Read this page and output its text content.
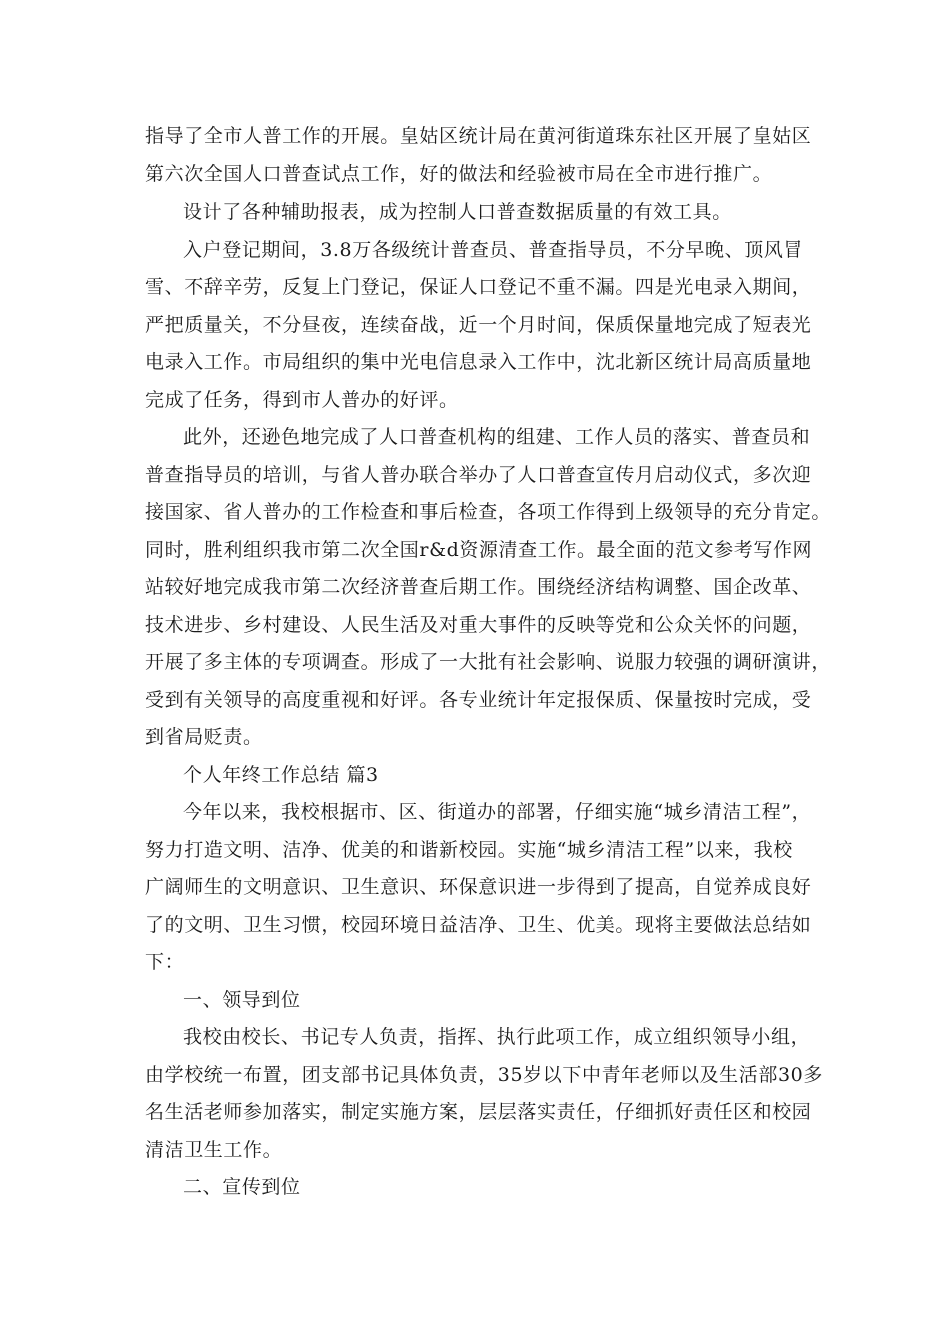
指导了全市人普工作的开展。皇姑区统计局在黄河街道珠东社区开展了皇姑区
第六次全国人口普查试点工作，好的做法和经验被市局在全市进行推广。
设计了各种辅助报表，成为控制人口普查数据质量的有效工具。
入户登记期间，3.8万各级统计普查员、普查指导员，不分早晚、顶风冒
雪、不辞辛劳，反复上门登记，保证人口登记不重不漏。四是光电录入期间，
严把质量关，不分昼夜，连续奋战，近一个月时间，保质保量地完成了短表光
电录入工作。市局组织的集中光电信息录入工作中，沈北新区统计局高质量地
完成了任务，得到市人普办的好评。
此外，还逊色地完成了人口普查机构的组建、工作人员的落实、普查员和
普查指导员的培训，与省人普办联合举办了人口普查宣传月启动仪式，多次迎
接国家、省人普办的工作检查和事后检查，各项工作得到上级领导的充分肯定。
同时，胜利组织我市第二次全国r&d资源清查工作。最全面的范文参考写作网
站较好地完成我市第二次经济普查后期工作。围绕经济结构调整、国企改革、
技术进步、乡村建设、人民生活及对重大事件的反映等党和公众关怀的问题，
开展了多主体的专项调查。形成了一大批有社会影响、说服力较强的调研演讲，
受到有关领导的高度重视和好评。各专业统计年定报保质、保量按时完成，受
到省局贬责。
个人年终工作总结 篇3
今年以来，我校根据市、区、街道办的部署，仔细实施“城乡清洁工程”，
努力打造文明、洁净、优美的和谐新校园。实施“城乡清洁工程”以来，我校
广阔师生的文明意识、卫生意识、环保意识进一步得到了提高，自觉养成良好
了的文明、卫生习惯，校园环境日益洁净、卫生、优美。现将主要做法总结如
下：
一、领导到位
我校由校长、书记专人负责，指挥、执行此项工作，成立组织领导小组，
由学校统一布置，团支部书记具体负责，35岁以下中青年老师以及生活部30多
名生活老师参加落实，制定实施方案，层层落实责任，仔细抓好责任区和校园
清洁卫生工作。
二、宣传到位
